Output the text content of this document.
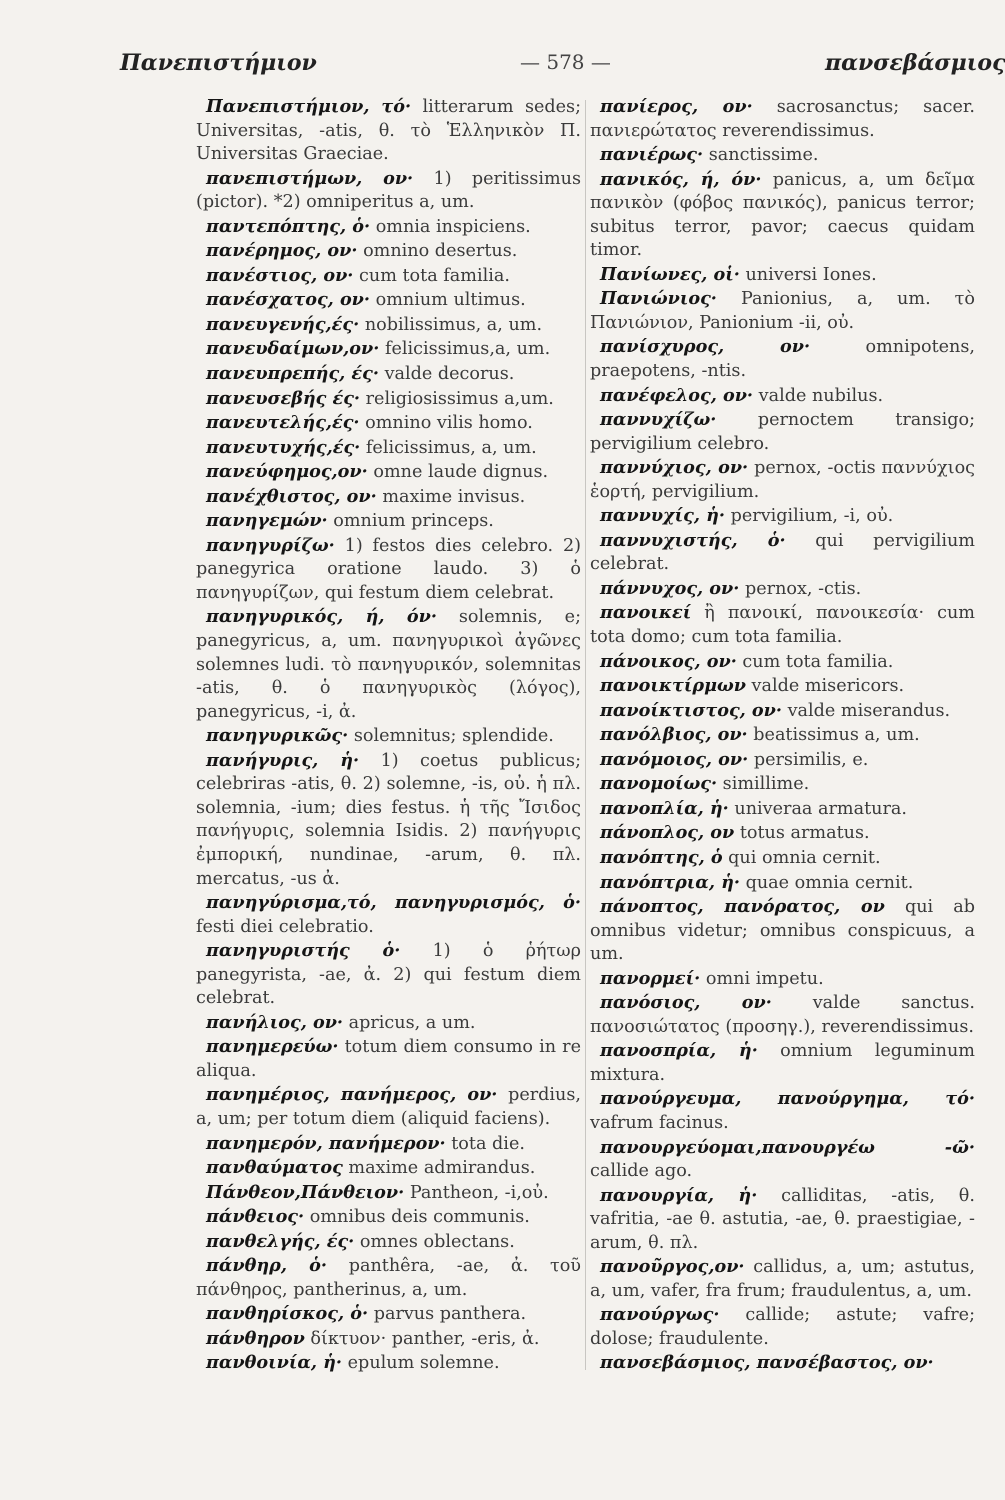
Πανεπιστήμιον	— 578 —	πανσεβάσμιος
Πανεπιστήμιον, τό· litterarum sedes; Universitas, -atis, θ. τὸ Ἑλληνικὸν Π. Universitas Graeciae.
πανεπιστήμων, ον· 1) peritissimus (pictor). *2) omniperitus a, um.
παντεπόπτης, ὁ· omnia inspiciens.
πανέρημος, ον· omnino desertus.
πανέστιος, ον· cum tota familia.
πανέσχατος, ον· omnium ultimus.
πανευγενής,ές· nobilissimus, a, um.
πανευδαίμων,ον· felicissimus,a, um.
πανευπρεπής, ές· valde decorus.
πανευσεβής ές· religiosissimus a,um.
πανευτελής,ές· omnino vilis homo.
πανευτυχής,ές· felicissimus, a, um.
πανεύφημος,ον· omne laude dignus.
πανέχθιστος, ον· maxime invisus.
πανηγεμών· omnium princeps.
πανηγυρίζω· 1) festos dies celebro. 2) panegyrica oratione laudo. 3) ὁ πανηγυρίζων, qui festum diem celebrat.
πανηγυρικός, ή, όν· solemnis, e; panegyricus, a, um. πανηγυρικοὶ ἀγῶνες solemnes ludi. τὸ πανηγυρικόν, solemnitas -atis, θ. ὁ πανηγυρικὸς (λόγος), panegyricus, -i, ἀ.
πανηγυρικῶς· solemnitus; splendide.
πανήγυρις, ἡ· 1) coetus publicus; celebriras -atis, θ. 2) solemne, -is, οὐ. ἡ πλ. solemnia, -ium; dies festus. ἡ τῆς Ἴσιδος πανήγυρις, solemnia Isidis. 2) πανήγυρις ἐμπορική, nundinae, -arum, θ. πλ. mercatus, -us ἀ.
πανηγύρισμα,τό, πανηγυρισμός, ὁ· festi diei celebratio.
πανηγυριστής ὁ· 1) ὁ ῥήτωρ panegyrista, -ae, ἀ. 2) qui festum diem celebrat.
πανήλιος, ον· apricus, a um.
πανημερεύω· totum diem consumo in re aliqua.
πανημέριος, πανήμερος, ον· perdius, a, um; per totum diem (aliquid faciens).
πανημερόν, πανήμερον· tota die.
πανθαύματος maxime admirandus.
Πάνθεον,Πάνθειον· Pantheon, -i,οὐ.
πάνθειος· omnibus deis communis.
πανθελγής, ές· omnes oblectans.
πάνθηρ, ὁ· panthêra, -ae, ἀ. τοῦ πάνθηρος, pantherinus, a, um.
πανθηρίσκος, ὁ· parvus panthera.
πάνθηρον δίκτυον· panther, -eris, ἀ.
πανθοινία, ἡ· epulum solemne.
πανίερος, ον· sacrosanctus; sacer. πανιερώτατος reverendissimus.
πανιέρως· sanctissime.
πανικός, ή, όν· panicus, a, um δεῖμα πανικὸν (φόβος πανικός), panicus terror; subitus terror, pavor; caecus quidam timor.
Πανίωνες, οἱ· universi Iones.
Πανιώνιος· Panionius, a, um. τὸ Πανιώνιον, Panionium -ii, οὐ.
πανίσχυρος, ον·	omnipotens, praepotens, -ntis.
πανέφελος, ον· valde nubilus.
παννυχίζω· pernoctem transigo; pervigilium celebro.
παννύχιος, ον· pernox, -octis παννύχιος ἑορτή, pervigilium.
παννυχίς, ἡ· pervigilium, -i, οὐ.
παννυχιστής, ὁ· qui pervigilium celebrat.
πάννυχος, ον· pernox, -ctis.
πανοικεί ἢ πανοικί, πανοικεσία· cum tota domo; cum tota familia.
πάνοικος, ον· cum tota familia.
πανοικτίρμων valde misericors.
πανοίκτιστος, ον· valde miserandus.
πανόλβιος, ον· beatissimus a, um.
πανόμοιος, ον· persimilis, e.
πανομοίως· simillime.
πανοπλία, ἡ· univeraa armatura.
πάνοπλος, ον totus armatus.
πανόπτης, ὁ qui omnia cernit.
πανόπτρια, ἡ· quae omnia cernit.
πάνοπτος, πανόρατος, ον qui ab omnibus videtur; omnibus conspicuus, a um.
πανορμεί· omni impetu.
πανόσιος, ον· valde sanctus. πανοσιώτατος (προσηγ.), reverendissimus.
πανοσπρία, ἡ· omnium leguminum mixtura.
πανούργευμα, πανούργημα, τό· vafrum facinus.
πανουργεύομαι,πανουργέω -ῶ· callide ago.
πανουργία, ἡ· calliditas, -atis, θ. vafritia, -ae θ. astutia, -ae, θ. praestigiae, -arum, θ. πλ.
πανοῦργος,ον· callidus, a, um; astutus, a, um, vafer, fra frum; fraudulentus, a, um.
πανούργως· callide; astute; vafre; dolose; fraudulente.
πανσεβάσμιος, πανσέβαστος, ον·
